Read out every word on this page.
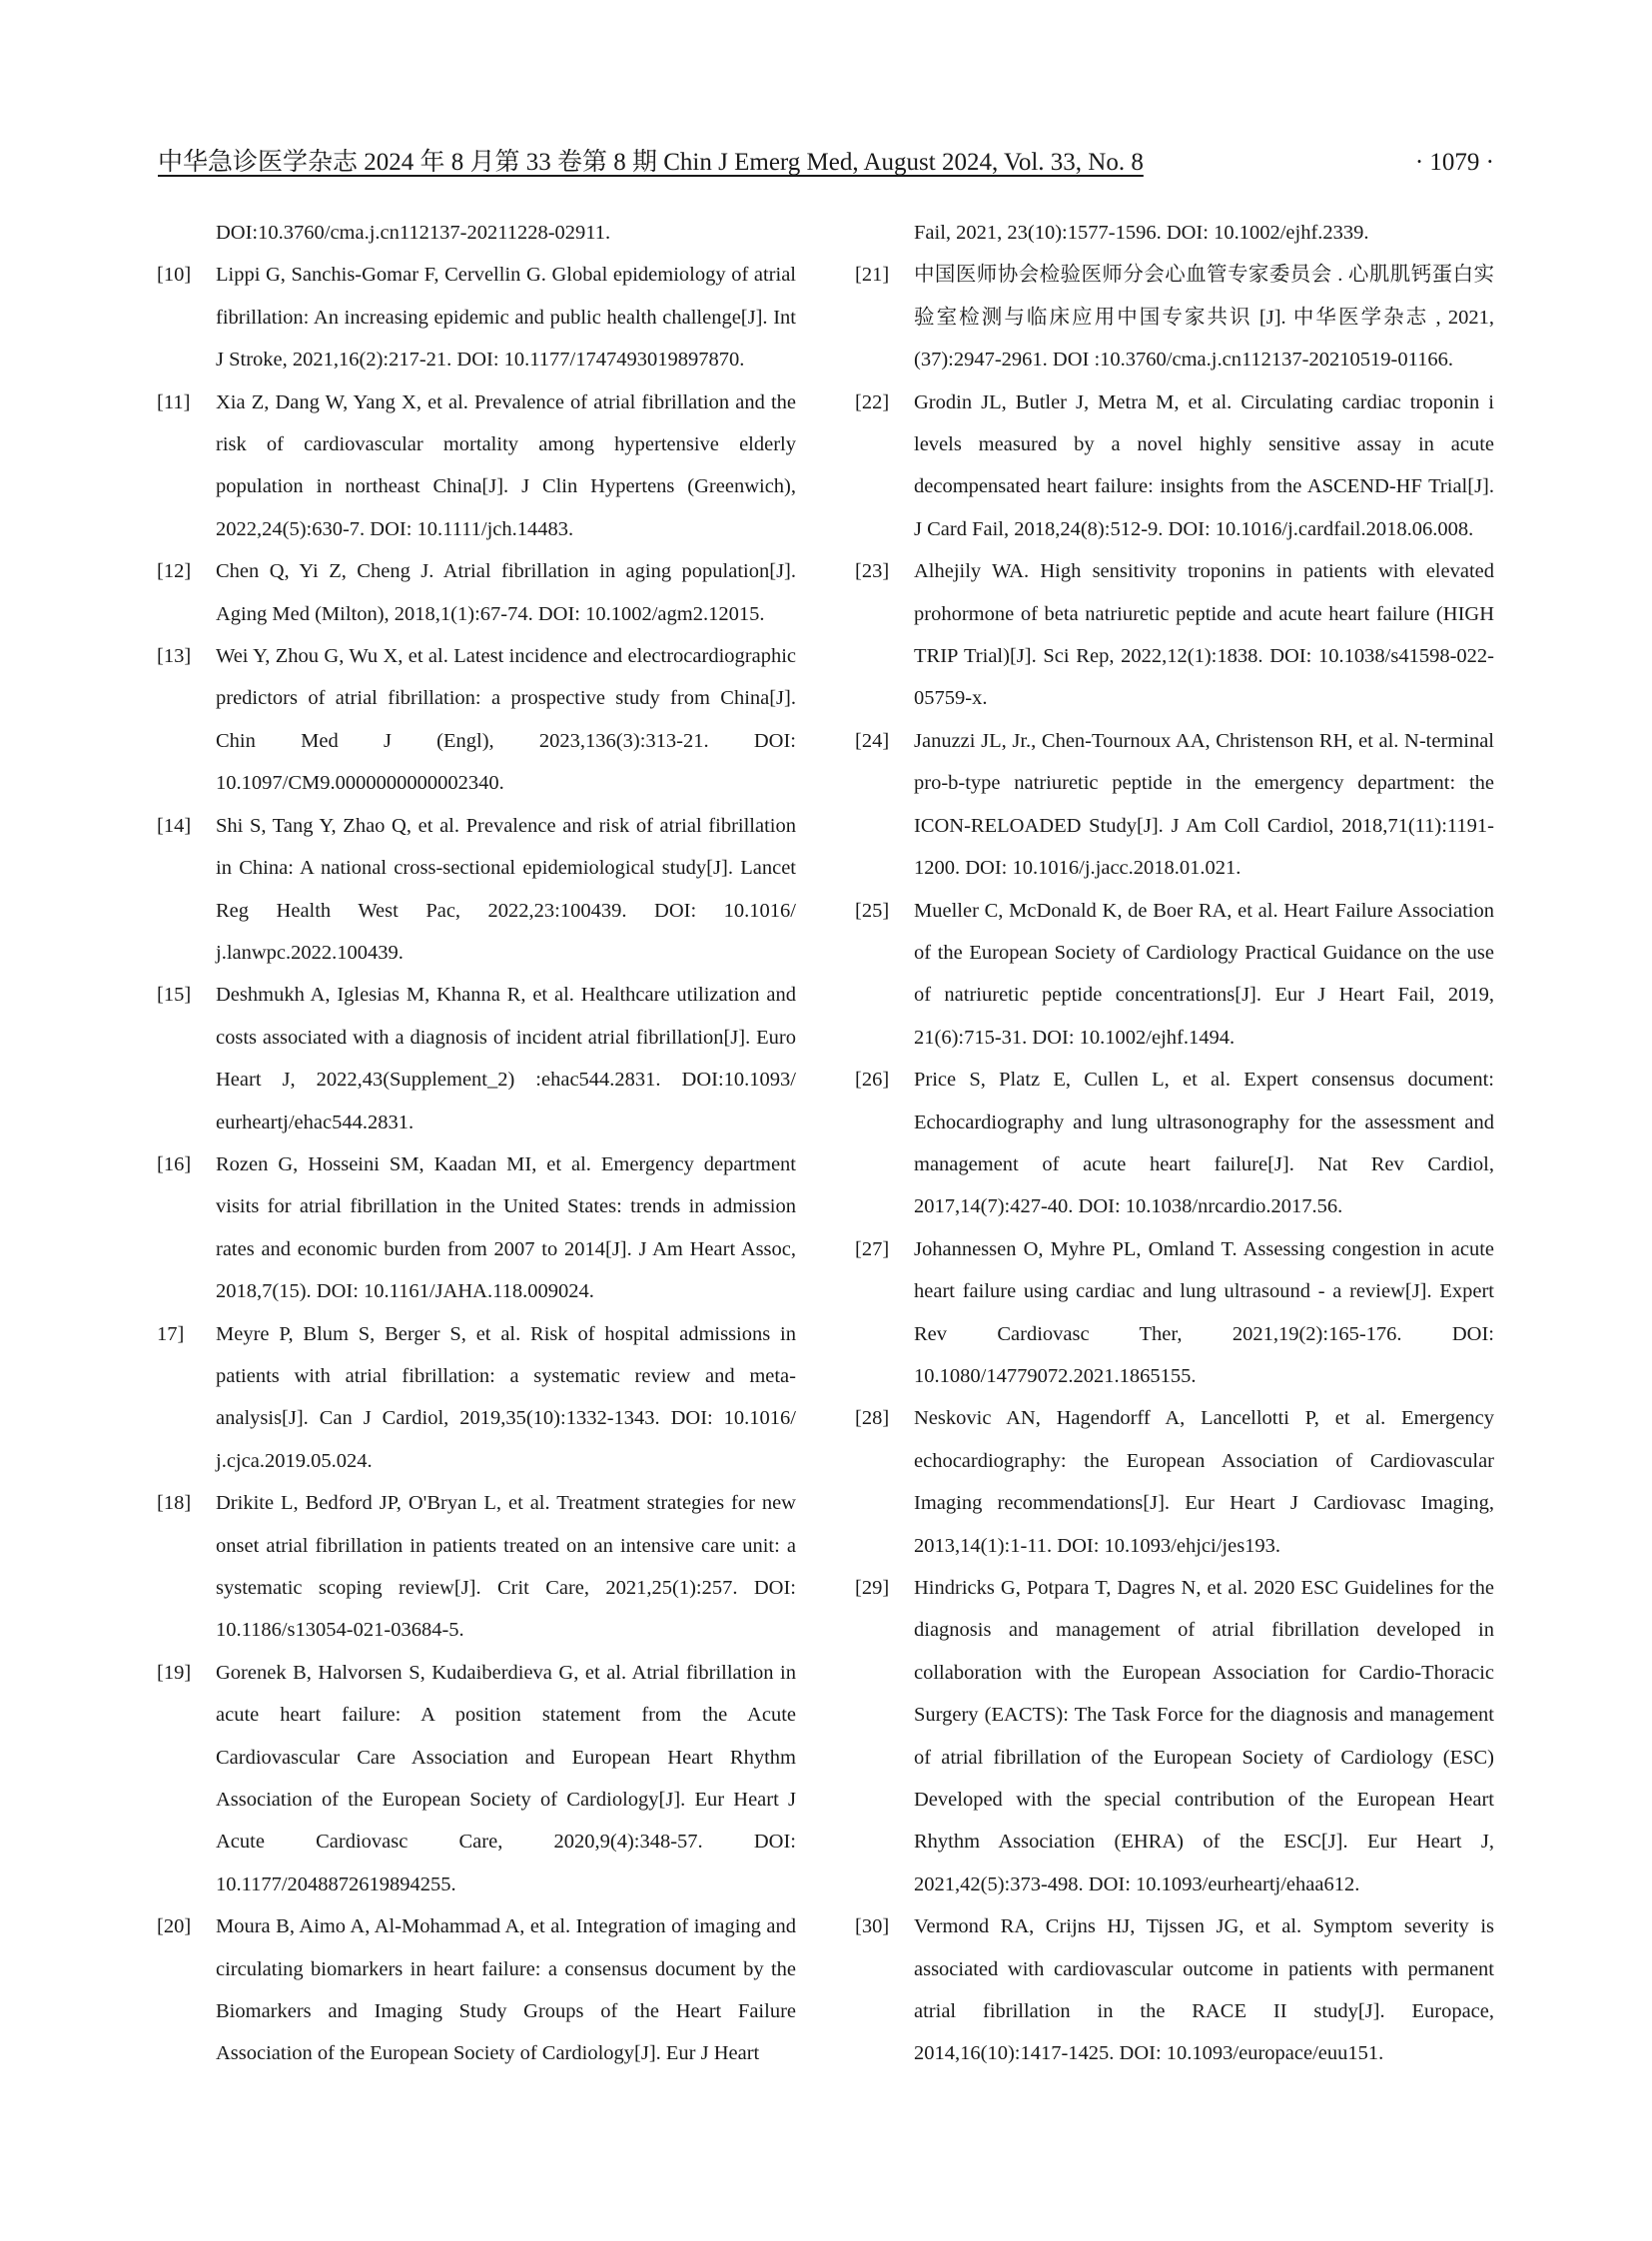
中华急诊医学杂志 2024 年 8 月第 33 卷第 8 期 Chin J Emerg Med, August 2024, Vol. 33, No. 8	· 1079 ·
DOI:10.3760/cma.j.cn112137-20211228-02911.
[10] Lippi G, Sanchis-Gomar F, Cervellin G. Global epidemiology of atrial fibrillation: An increasing epidemic and public health challenge[J]. Int J Stroke, 2021,16(2):217-21. DOI: 10.1177/1747493019897870.
[11] Xia Z, Dang W, Yang X, et al. Prevalence of atrial fibrillation and the risk of cardiovascular mortality among hypertensive elderly population in northeast China[J]. J Clin Hypertens (Greenwich), 2022,24(5):630-7. DOI: 10.1111/jch.14483.
[12] Chen Q, Yi Z, Cheng J. Atrial fibrillation in aging population[J]. Aging Med (Milton), 2018,1(1):67-74. DOI: 10.1002/agm2.12015.
[13] Wei Y, Zhou G, Wu X, et al. Latest incidence and electrocardiographic predictors of atrial fibrillation: a prospective study from China[J]. Chin Med J (Engl), 2023,136(3):313-21. DOI: 10.1097/CM9.0000000000002340.
[14] Shi S, Tang Y, Zhao Q, et al. Prevalence and risk of atrial fibrillation in China: A national cross-sectional epidemiological study[J]. Lancet Reg Health West Pac, 2022,23:100439. DOI: 10.1016/ j.lanwpc.2022.100439.
[15] Deshmukh A, Iglesias M, Khanna R, et al. Healthcare utilization and costs associated with a diagnosis of incident atrial fibrillation[J]. Euro Heart J, 2022,43(Supplement_2) :ehac544.2831. DOI:10.1093/ eurheartj/ehac544.2831.
[16] Rozen G, Hosseini SM, Kaadan MI, et al. Emergency department visits for atrial fibrillation in the United States: trends in admission rates and economic burden from 2007 to 2014[J]. J Am Heart Assoc, 2018,7(15). DOI: 10.1161/JAHA.118.009024.
17] Meyre P, Blum S, Berger S, et al. Risk of hospital admissions in patients with atrial fibrillation: a systematic review and meta-analysis[J]. Can J Cardiol, 2019,35(10):1332-1343. DOI: 10.1016/ j.cjca.2019.05.024.
[18] Drikite L, Bedford JP, O'Bryan L, et al. Treatment strategies for new onset atrial fibrillation in patients treated on an intensive care unit: a systematic scoping review[J]. Crit Care, 2021,25(1):257. DOI: 10.1186/s13054-021-03684-5.
[19] Gorenek B, Halvorsen S, Kudaiberdieva G, et al. Atrial fibrillation in acute heart failure: A position statement from the Acute Cardiovascular Care Association and European Heart Rhythm Association of the European Society of Cardiology[J]. Eur Heart J Acute Cardiovasc Care, 2020,9(4):348-57. DOI: 10.1177/2048872619894255.
[20] Moura B, Aimo A, Al-Mohammad A, et al. Integration of imaging and circulating biomarkers in heart failure: a consensus document by the Biomarkers and Imaging Study Groups of the Heart Failure Association of the European Society of Cardiology[J]. Eur J Heart
Fail, 2021, 23(10):1577-1596. DOI: 10.1002/ejhf.2339.
[21] 中国医师协会检验医师分会心血管专家委员会 . 心肌肌钙蛋白实验室检测与临床应用中国专家共识 [J]. 中华医学杂志 , 2021, (37):2947-2961. DOI :10.3760/cma.j.cn112137-20210519-01166.
[22] Grodin JL, Butler J, Metra M, et al. Circulating cardiac troponin i levels measured by a novel highly sensitive assay in acute decompensated heart failure: insights from the ASCEND-HF Trial[J]. J Card Fail, 2018,24(8):512-9. DOI: 10.1016/j.cardfail.2018.06.008.
[23] Alhejily WA. High sensitivity troponins in patients with elevated prohormone of beta natriuretic peptide and acute heart failure (HIGH TRIP Trial)[J]. Sci Rep, 2022,12(1):1838. DOI: 10.1038/s41598-022-05759-x.
[24] Januzzi JL, Jr., Chen-Tournoux AA, Christenson RH, et al. N-terminal pro-b-type natriuretic peptide in the emergency department: the ICON-RELOADED Study[J]. J Am Coll Cardiol, 2018,71(11):1191-1200. DOI: 10.1016/j.jacc.2018.01.021.
[25] Mueller C, McDonald K, de Boer RA, et al. Heart Failure Association of the European Society of Cardiology Practical Guidance on the use of natriuretic peptide concentrations[J]. Eur J Heart Fail, 2019, 21(6):715-31. DOI: 10.1002/ejhf.1494.
[26] Price S, Platz E, Cullen L, et al. Expert consensus document: Echocardiography and lung ultrasonography for the assessment and management of acute heart failure[J]. Nat Rev Cardiol, 2017,14(7):427-40. DOI: 10.1038/nrcardio.2017.56.
[27] Johannessen O, Myhre PL, Omland T. Assessing congestion in acute heart failure using cardiac and lung ultrasound - a review[J]. Expert Rev Cardiovasc Ther, 2021,19(2):165-176. DOI: 10.1080/14779072.2021.1865155.
[28] Neskovic AN, Hagendorff A, Lancellotti P, et al. Emergency echocardiography: the European Association of Cardiovascular Imaging recommendations[J]. Eur Heart J Cardiovasc Imaging, 2013,14(1):1-11. DOI: 10.1093/ehjci/jes193.
[29] Hindricks G, Potpara T, Dagres N, et al. 2020 ESC Guidelines for the diagnosis and management of atrial fibrillation developed in collaboration with the European Association for Cardio-Thoracic Surgery (EACTS): The Task Force for the diagnosis and management of atrial fibrillation of the European Society of Cardiology (ESC) Developed with the special contribution of the European Heart Rhythm Association (EHRA) of the ESC[J]. Eur Heart J, 2021,42(5):373-498. DOI: 10.1093/eurheartj/ehaa612.
[30] Vermond RA, Crijns HJ, Tijssen JG, et al. Symptom severity is associated with cardiovascular outcome in patients with permanent atrial fibrillation in the RACE II study[J]. Europace, 2014,16(10):1417-1425. DOI: 10.1093/europace/euu151.
